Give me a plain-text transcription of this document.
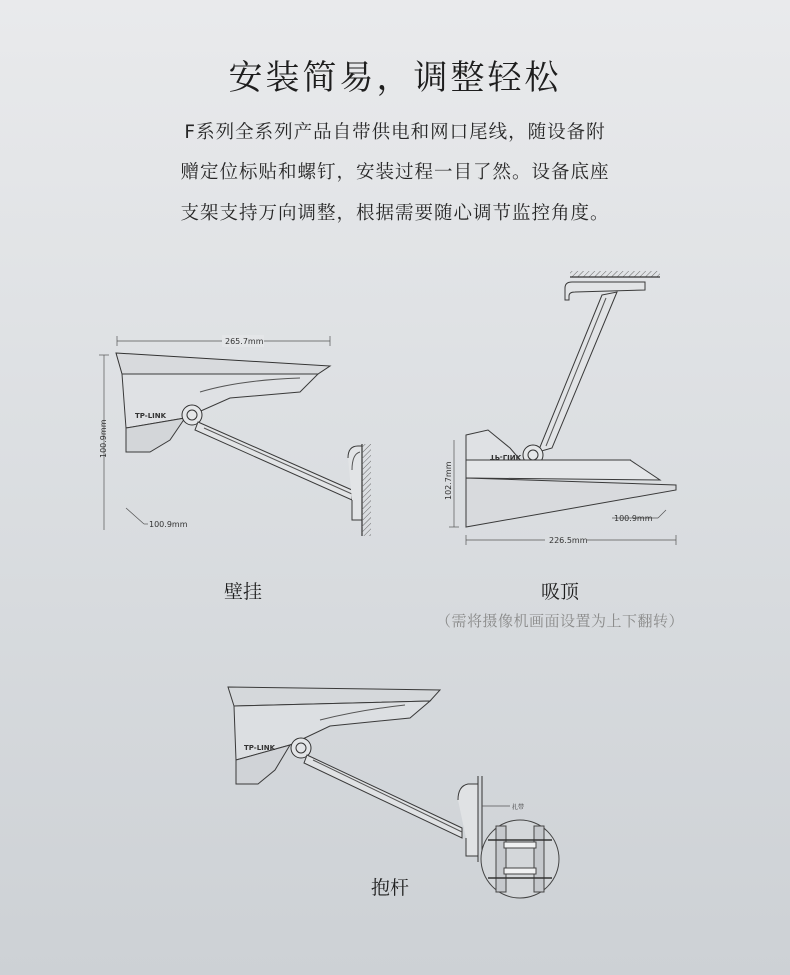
安装简易，调整轻松
F系列全系列产品自带供电和网口尾线，随设备附
赠定位标贴和螺钉，安装过程一目了然。设备底座
支架支持万向调整，根据需要随心调节监控角度。
TP-LINK
265.7mm
100.9mm
100.9mm
TP-LINK
102.7mm
100.9mm
226.5mm
TP-LINK
扎带
壁挂	吸顶
（需将摄像机画面设置为上下翻转）
抱杆
